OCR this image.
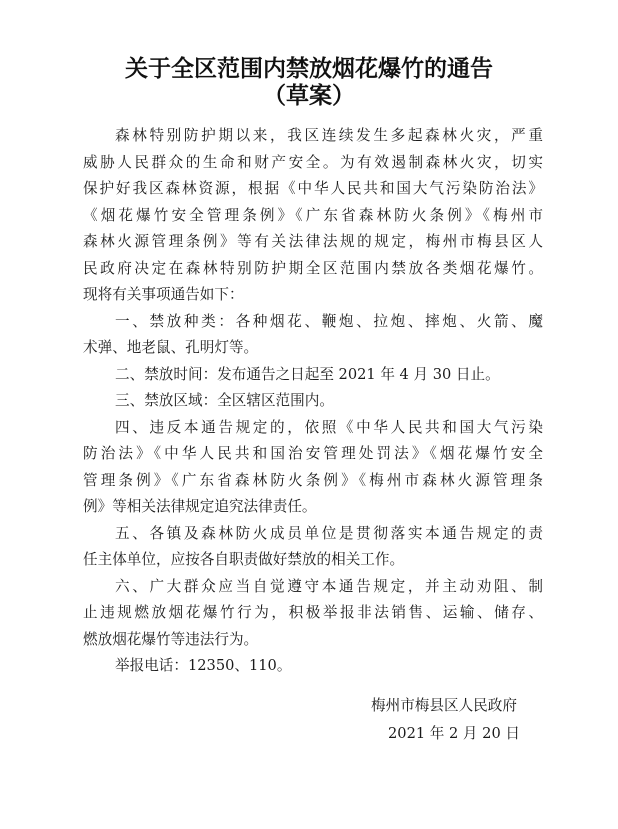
关于全区范围内禁放烟花爆竹的通告
（草案）
森林特别防护期以来，我区连续发生多起森林火灾，严重
威胁人民群众的生命和财产安全。为有效遏制森林火灾，切实
保护好我区森林资源，根据《中华人民共和国大气污染防治法》
《烟花爆竹安全管理条例》《广东省森林防火条例》《梅州市
森林火源管理条例》等有关法律法规的规定，梅州市梅县区人
民政府决定在森林特别防护期全区范围内禁放各类烟花爆竹。
现将有关事项通告如下：
一、禁放种类：各种烟花、鞭炮、拉炮、摔炮、火箭、魔
术弹、地老鼠、孔明灯等。
二、禁放时间：发布通告之日起至 2021 年 4 月 30 日止。
三、禁放区域：全区辖区范围内。
四、违反本通告规定的，依照《中华人民共和国大气污染
防治法》《中华人民共和国治安管理处罚法》《烟花爆竹安全
管理条例》《广东省森林防火条例》《梅州市森林火源管理条
例》等相关法律规定追究法律责任。
五、各镇及森林防火成员单位是贯彻落实本通告规定的责
任主体单位，应按各自职责做好禁放的相关工作。
六、广大群众应当自觉遵守本通告规定，并主动劝阻、制
止违规燃放烟花爆竹行为，积极举报非法销售、运输、储存、
燃放烟花爆竹等违法行为。
举报电话：12350、110。
梅州市梅县区人民政府
2021 年 2 月 20 日
